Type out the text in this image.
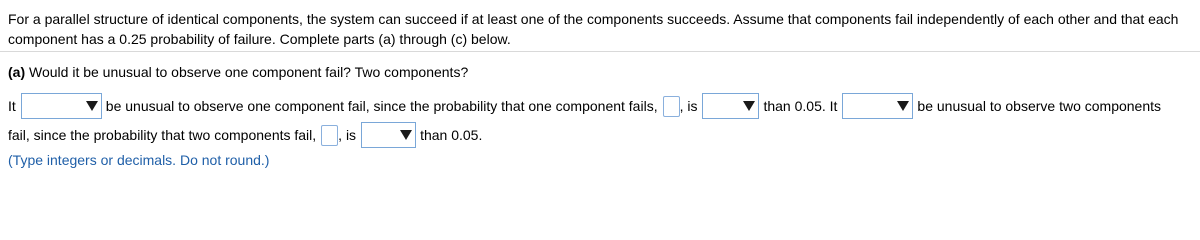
For a parallel structure of identical components, the system can succeed if at least one of the components succeeds. Assume that components fail independently of each other and that each component has a 0.25 probability of failure. Complete parts (a) through (c) below.
(a) Would it be unusual to observe one component fail? Two components?
It	be unusual to observe one component fail, since the probability that one component fails, , is	than 0.05. It	be unusual to observe two components
fail, since the probability that two components fail, , is	than 0.05.
(Type integers or decimals. Do not round.)
